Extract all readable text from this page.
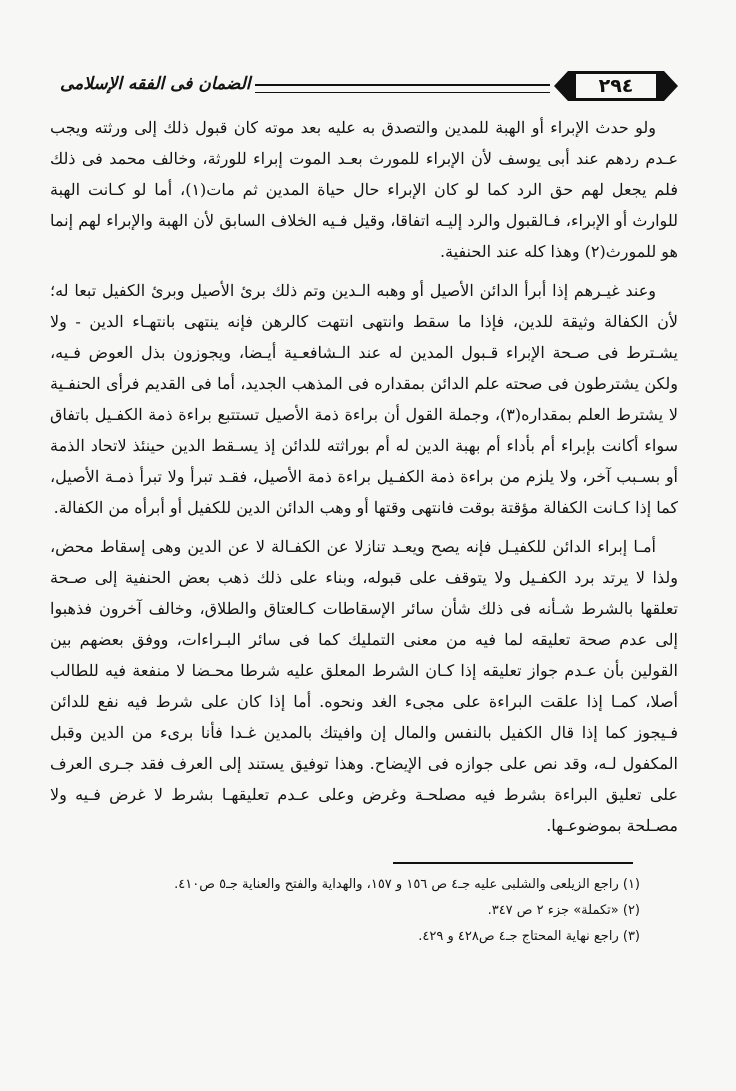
الضمان فى الفقه الإسلامى	٢٩٤

ولو حدث الإبراء أو الهبة للمدين والتصدق به عليه بعد موته كان قبول ذلك إلى ورثته ويجب عـدم ردهم عند أبى يوسف لأن الإبراء للمورث بعـد الموت إبراء للورثة، وخالف محمد فى ذلك فلم يجعل لهم حق الرد كما لو كان الإبراء حال حياة المدين ثم مات(١)، أما لو كـانت الهبة للوارث أو الإبراء، فـالقبول والرد إليـه اتفاقا، وقيل فـيه الخلاف السابق لأن الهبة والإبراء لهم إنما هو للمورث(٢) وهذا كله عند الحنفية.

وعند غيـرهم إذا أبرأ الدائن الأصيل أو وهبه الـدين وتم ذلك برئ الأصيل وبرئ الكفيل تبعا له؛ لأن الكفالة وثيقة للدين، فإذا ما سقط وانتهى انتهت كالرهن فإنه ينتهى بانتهـاء الدين - ولا يشـترط فى صـحة الإبراء قـبول المدين له عند الـشافعـية أيـضا، ويجوزون بذل العوض فـيه، ولكن يشترطون فى صحته علم الدائن بمقداره فى المذهب الجديد، أما فى القديم فرأى الحنفـية لا يشترط العلم بمقداره(٣)، وجملة القول أن براءة ذمة الأصيل تستتبع براءة ذمة الكفـيل باتفاق سواء أكانت بإبراء أم بأداء أم بهبة الدين له أم بوراثته للدائن إذ يسـقط الدين حينئذ لاتحاد الذمة أو بسـبب آخر، ولا يلزم من براءة ذمة الكفـيل براءة ذمة الأصيل، فقـد تبرأ ولا تبرأ ذمـة الأصيل، كما إذا كـانت الكفالة مؤقتة بوقت فانتهى وقتها أو وهب الدائن الدين للكفيل أو أبرأه من الكفالة.

أمـا إبراء الدائن للكفيـل فإنه يصح ويعـد تنازلا عن الكفـالة لا عن الدين وهى إسقاط محض، ولذا لا يرتد برد الكفـيل ولا يتوقف على قبوله، وبناء على ذلك ذهب بعض الحنفية إلى صـحة تعلقها بالشرط شـأنه فى ذلك شأن سائر الإسقاطات كـالعتاق والطلاق، وخالف آخرون فذهبوا إلى عدم صحة تعليقه لما فيه من معنى التمليك كما فى سائر البـراءات، ووفق بعضهم بين القولين بأن عـدم جواز تعليقه إذا كـان الشرط المعلق عليه شرطا محـضا لا منفعة فيه للطالب أصلا، كمـا إذا علقت البراءة على مجىء الغد ونحوه. أما إذا كان على شرط فيه نفع للدائن فـيجوز كما إذا قال الكفيل بالنفس والمال إن وافيتك بالمدين غـدا فأنا برىء من الدين وقبل المكفول لـه، وقد نص على جوازه فى الإيضاح. وهذا توفيق يستند إلى العرف فقد جـرى العرف على تعليق البراءة بشرط فيه مصلحـة وغرض وعلى عـدم تعليقهـا بشرط لا غرض فـيه ولا مصـلحة بموضوعـها.

(١) راجع الزيلعى والشلبى عليه جـ٤ ص ١٥٦ و ١٥٧، والهداية والفتح والعناية جـ٥ ص٤١٠.

(٢) «تكملة» جزء ٢ ص ٣٤٧.

(٣) راجع نهاية المحتاج جـ٤ ص٤٢٨ و ٤٢٩.
